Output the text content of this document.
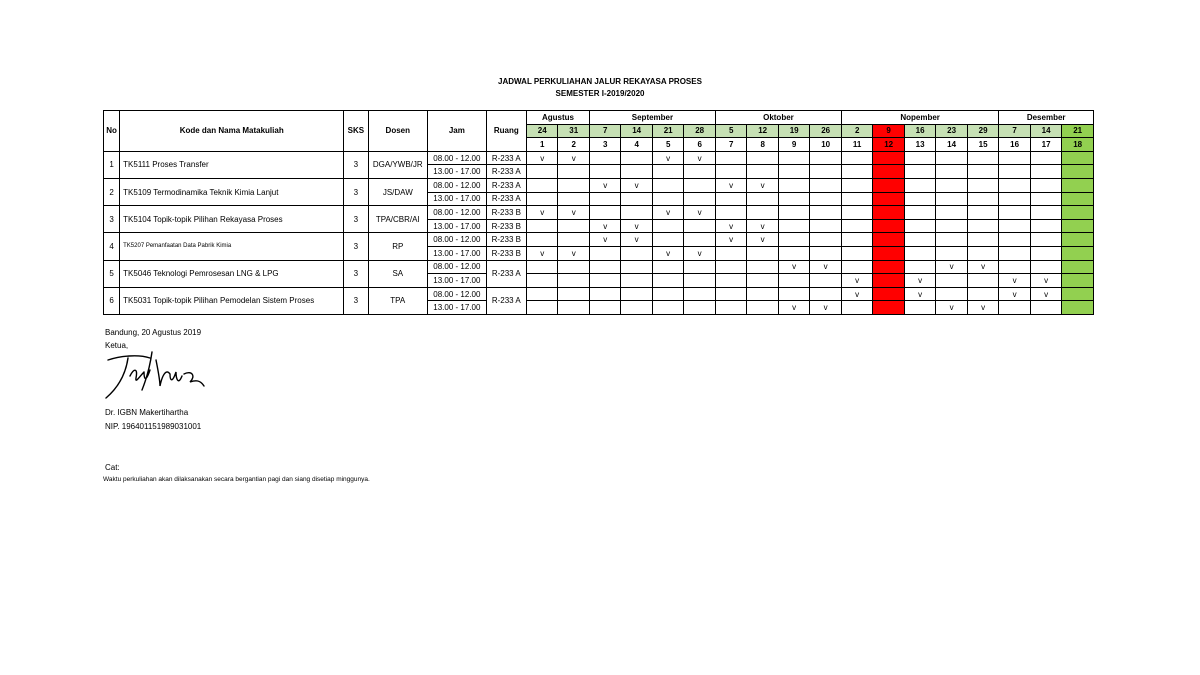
JADWAL PERKULIAHAN JALUR REKAYASA PROSES
SEMESTER I-2019/2020
No	Kode dan Nama Matakuliah	SKS	Dosen	Jam	Ruang	Agustus		September				Oktober				Nopember					Desember		
						24	31	7	14	21	28	5	12	19	26	2	9	16	23	29	7	14	21
						1	2	3	4	5	6	7	8	9	10	11	12	13	14	15	16	17	18
1	TK5111 Proses Transfer	3	DGA/YWB/JR	08.00 - 12.00	R-233 A	v	v			v	v												
				13.00 - 17.00	R-233 A																		
2	TK5109 Termodinamika Teknik Kimia Lanjut	3	JS/DAW	08.00 - 12.00	R-233 A			v	v			v	v										
				13.00 - 17.00	R-233 A																		
3	TK5104 Topik-topik Pilihan Rekayasa Proses	3	TPA/CBR/AI	08.00 - 12.00	R-233 B	v	v			v	v												
				13.00 - 17.00	R-233 B			v	v			v	v										
4	TK5207 Pemanfaatan Data Pabrik Kimia	3	RP	08.00 - 12.00	R-233 B			v	v			v	v										
				13.00 - 17.00	R-233 B	v	v			v	v												
5	TK5046 Teknologi Pemrosesan LNG & LPG	3	SA	08.00 - 12.00	R-233 A									v	v				v	v			
				13.00 - 17.00												v		v			v	v	
6	TK5031 Topik-topik Pilihan Pemodelan Sistem Proses	3	TPA	08.00 - 12.00	R-233 A											v		v			v	v	
				13.00 - 17.00										v	v				v	v			
Bandung, 20 Agustus 2019
Ketua,
Dr. IGBN Makertihartha
NIP. 196401151989031001
Cat:
Waktu perkuliahan akan dilaksanakan secara bergantian pagi dan siang disetiap minggunya.
